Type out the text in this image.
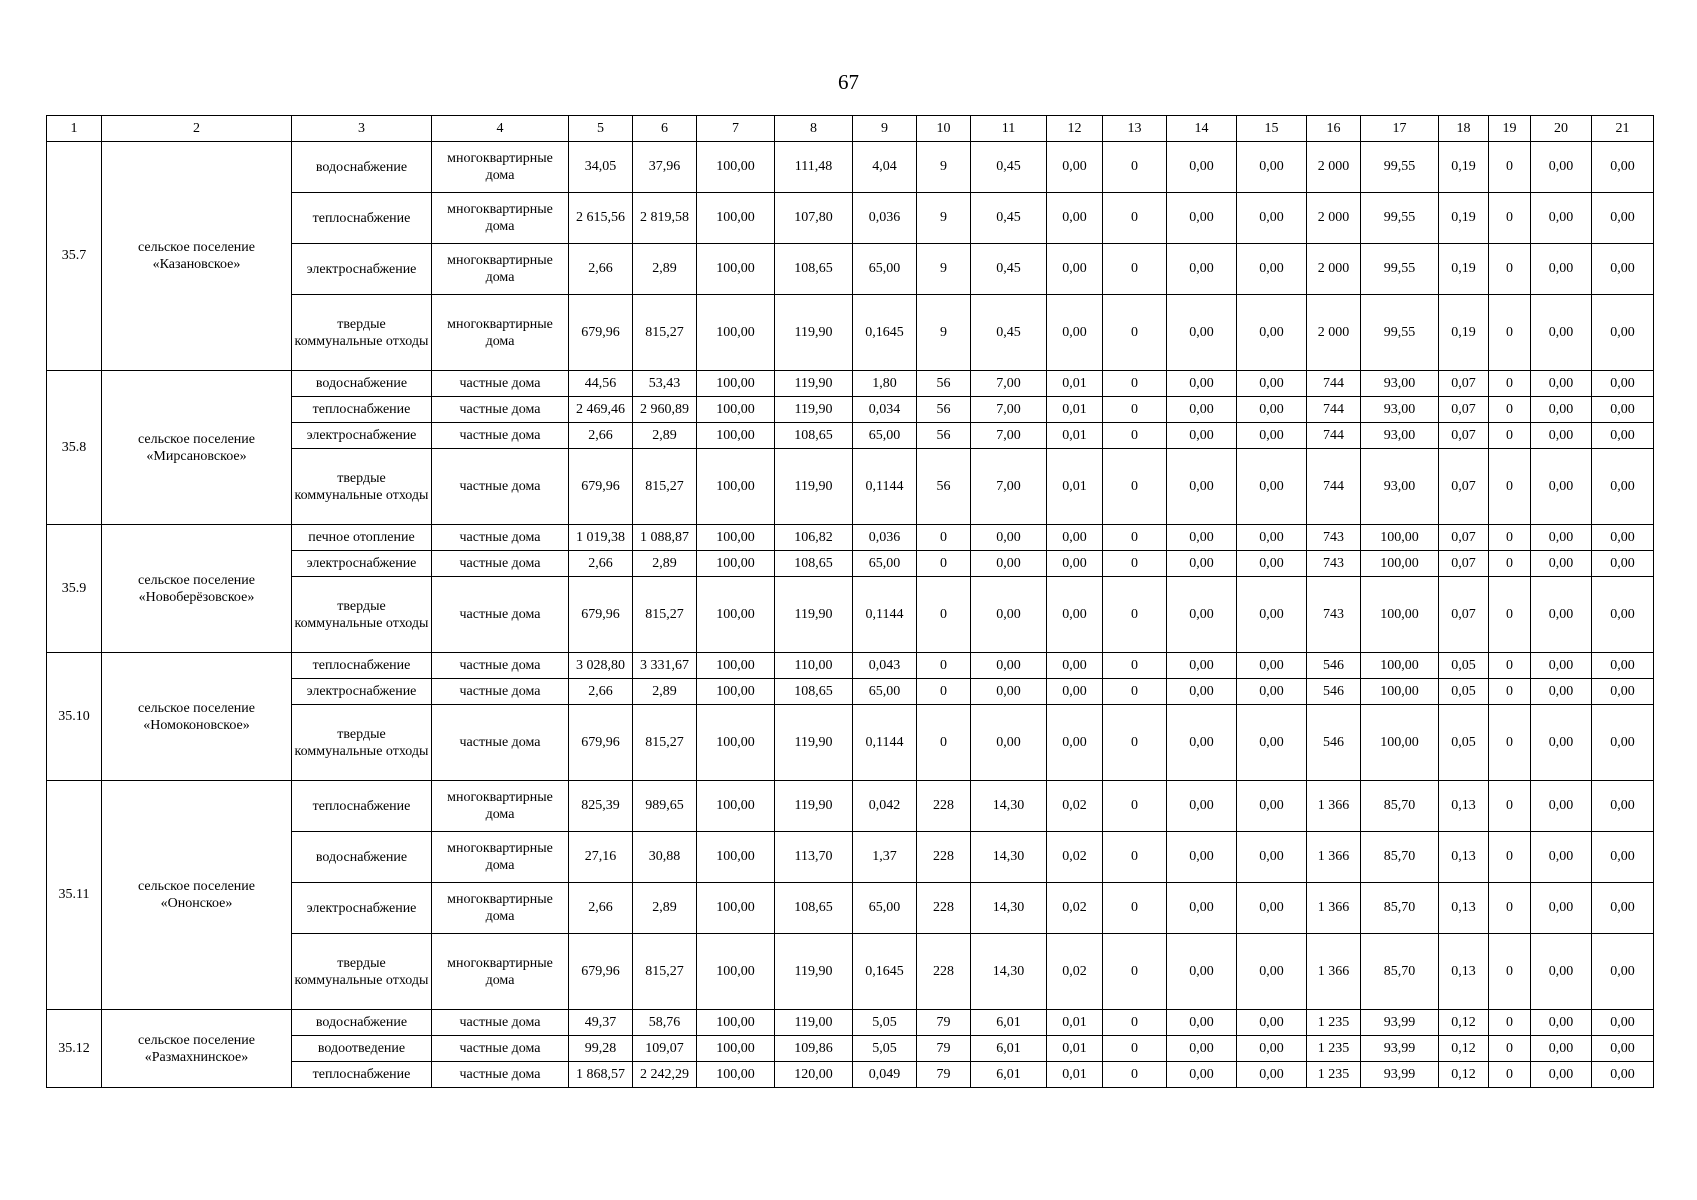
67
1	2	3	4	5	6	7	8	9	10	11	12	13	14	15	16	17	18	19	20	21
35.7	сельское поселение «Казановское»	водоснабжение	многоквартирные дома	34,05	37,96	100,00	111,48	4,04	9	0,45	0,00	0	0,00	0,00	2 000	99,55	0,19	0	0,00	0,00
		теплоснабжение	многоквартирные дома	2 615,56	2 819,58	100,00	107,80	0,036	9	0,45	0,00	0	0,00	0,00	2 000	99,55	0,19	0	0,00	0,00
		электроснабжение	многоквартирные дома	2,66	2,89	100,00	108,65	65,00	9	0,45	0,00	0	0,00	0,00	2 000	99,55	0,19	0	0,00	0,00
		твердые коммунальные отходы	многоквартирные дома	679,96	815,27	100,00	119,90	0,1645	9	0,45	0,00	0	0,00	0,00	2 000	99,55	0,19	0	0,00	0,00
35.8	сельское поселение «Мирсановское»	водоснабжение	частные дома	44,56	53,43	100,00	119,90	1,80	56	7,00	0,01	0	0,00	0,00	744	93,00	0,07	0	0,00	0,00
		теплоснабжение	частные дома	2 469,46	2 960,89	100,00	119,90	0,034	56	7,00	0,01	0	0,00	0,00	744	93,00	0,07	0	0,00	0,00
		электроснабжение	частные дома	2,66	2,89	100,00	108,65	65,00	56	7,00	0,01	0	0,00	0,00	744	93,00	0,07	0	0,00	0,00
		твердые коммунальные отходы	частные дома	679,96	815,27	100,00	119,90	0,1144	56	7,00	0,01	0	0,00	0,00	744	93,00	0,07	0	0,00	0,00
35.9	сельское поселение «Новоберёзовское»	печное отопление	частные дома	1 019,38	1 088,87	100,00	106,82	0,036	0	0,00	0,00	0	0,00	0,00	743	100,00	0,07	0	0,00	0,00
		электроснабжение	частные дома	2,66	2,89	100,00	108,65	65,00	0	0,00	0,00	0	0,00	0,00	743	100,00	0,07	0	0,00	0,00
		твердые коммунальные отходы	частные дома	679,96	815,27	100,00	119,90	0,1144	0	0,00	0,00	0	0,00	0,00	743	100,00	0,07	0	0,00	0,00
35.10	сельское поселение «Номоконовское»	теплоснабжение	частные дома	3 028,80	3 331,67	100,00	110,00	0,043	0	0,00	0,00	0	0,00	0,00	546	100,00	0,05	0	0,00	0,00
		электроснабжение	частные дома	2,66	2,89	100,00	108,65	65,00	0	0,00	0,00	0	0,00	0,00	546	100,00	0,05	0	0,00	0,00
		твердые коммунальные отходы	частные дома	679,96	815,27	100,00	119,90	0,1144	0	0,00	0,00	0	0,00	0,00	546	100,00	0,05	0	0,00	0,00
35.11	сельское поселение «Ононское»	теплоснабжение	многоквартирные дома	825,39	989,65	100,00	119,90	0,042	228	14,30	0,02	0	0,00	0,00	1 366	85,70	0,13	0	0,00	0,00
		водоснабжение	многоквартирные дома	27,16	30,88	100,00	113,70	1,37	228	14,30	0,02	0	0,00	0,00	1 366	85,70	0,13	0	0,00	0,00
		электроснабжение	многоквартирные дома	2,66	2,89	100,00	108,65	65,00	228	14,30	0,02	0	0,00	0,00	1 366	85,70	0,13	0	0,00	0,00
		твердые коммунальные отходы	многоквартирные дома	679,96	815,27	100,00	119,90	0,1645	228	14,30	0,02	0	0,00	0,00	1 366	85,70	0,13	0	0,00	0,00
35.12	сельское поселение «Размахнинское»	водоснабжение	частные дома	49,37	58,76	100,00	119,00	5,05	79	6,01	0,01	0	0,00	0,00	1 235	93,99	0,12	0	0,00	0,00
		водоотведение	частные дома	99,28	109,07	100,00	109,86	5,05	79	6,01	0,01	0	0,00	0,00	1 235	93,99	0,12	0	0,00	0,00
		теплоснабжение	частные дома	1 868,57	2 242,29	100,00	120,00	0,049	79	6,01	0,01	0	0,00	0,00	1 235	93,99	0,12	0	0,00	0,00
